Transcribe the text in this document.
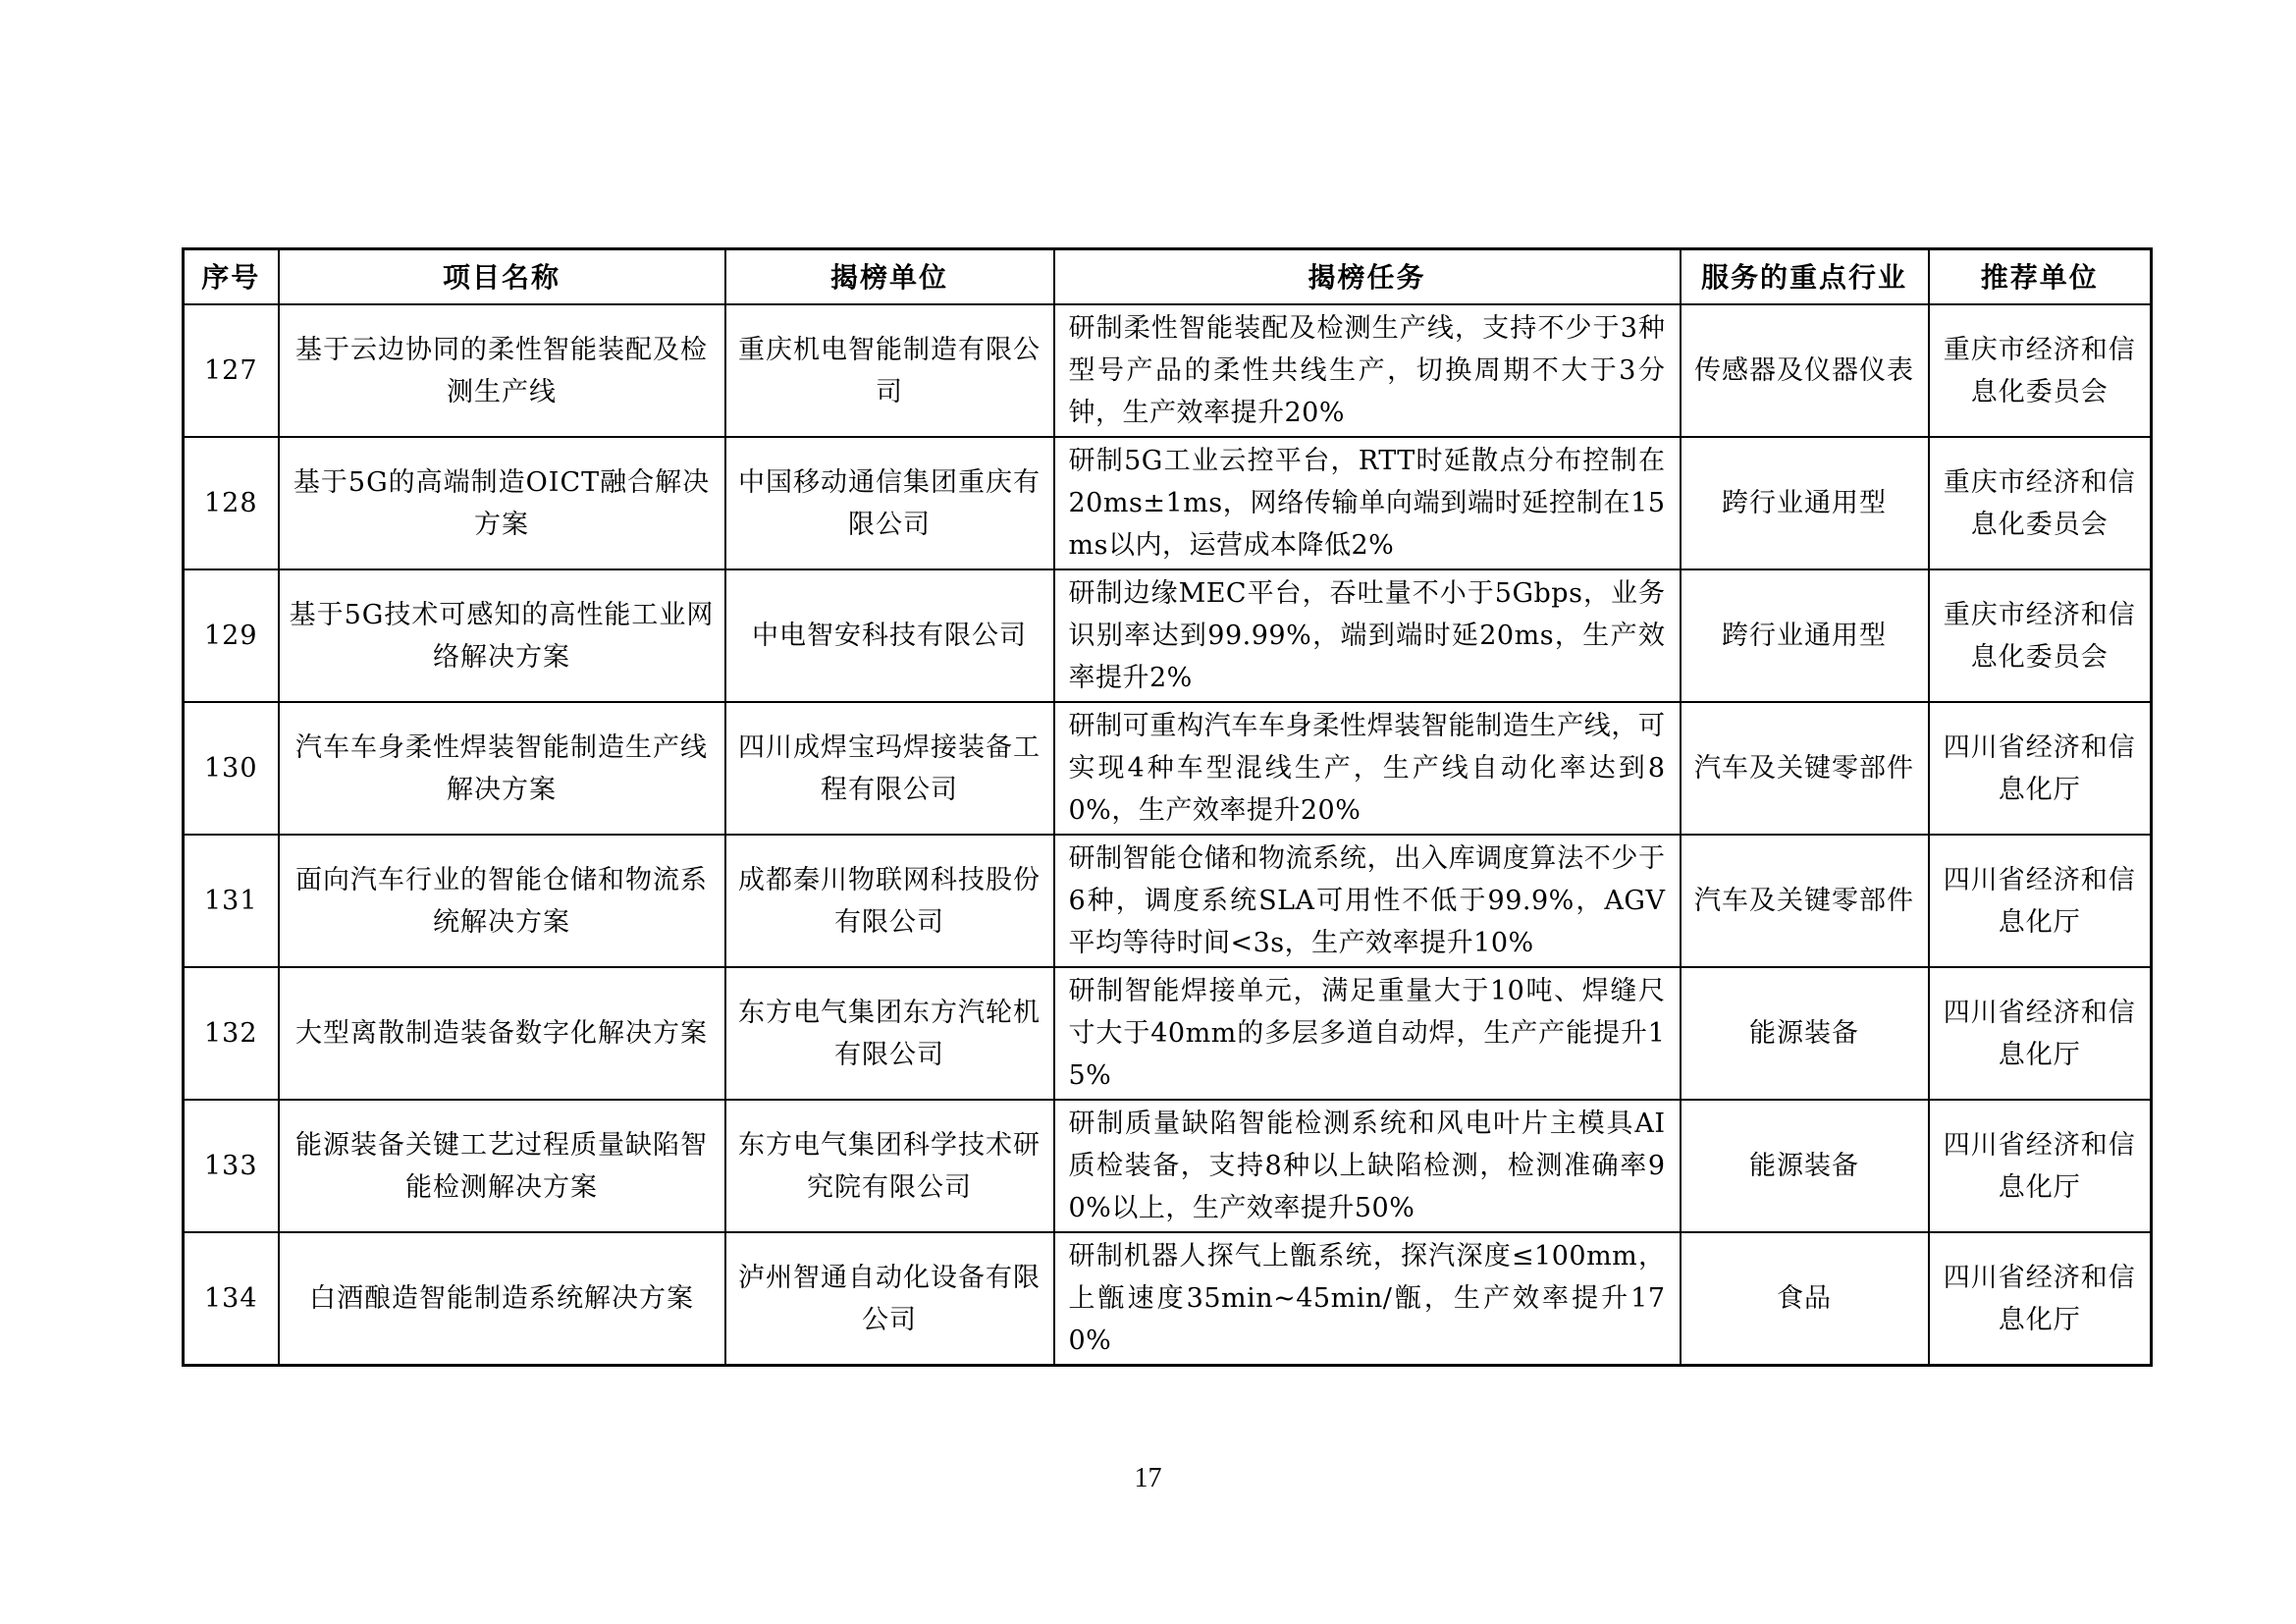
序号	项目名称	揭榜单位	揭榜任务	服务的重点行业	推荐单位
127	基于云边协同的柔性智能装配及检测生产线	重庆机电智能制造有限公司	研制柔性智能装配及检测生产线，支持不少于3种型号产品的柔性共线生产，切换周期不大于3分钟，生产效率提升20%	传感器及仪器仪表	重庆市经济和信息化委员会
128	基于5G的高端制造OICT融合解决方案	中国移动通信集团重庆有限公司	研制5G工业云控平台，RTT时延散点分布控制在20ms±1ms，网络传输单向端到端时延控制在15ms以内，运营成本降低2%	跨行业通用型	重庆市经济和信息化委员会
129	基于5G技术可感知的高性能工业网络解决方案	中电智安科技有限公司	研制边缘MEC平台，吞吐量不小于5Gbps，业务识别率达到99.99%，端到端时延20ms，生产效率提升2%	跨行业通用型	重庆市经济和信息化委员会
130	汽车车身柔性焊装智能制造生产线解决方案	四川成焊宝玛焊接装备工程有限公司	研制可重构汽车车身柔性焊装智能制造生产线，可实现4种车型混线生产，生产线自动化率达到80%，生产效率提升20%	汽车及关键零部件	四川省经济和信息化厅
131	面向汽车行业的智能仓储和物流系统解决方案	成都秦川物联网科技股份有限公司	研制智能仓储和物流系统，出入库调度算法不少于6种，调度系统SLA可用性不低于99.9%，AGV平均等待时间<3s，生产效率提升10%	汽车及关键零部件	四川省经济和信息化厅
132	大型离散制造装备数字化解决方案	东方电气集团东方汽轮机有限公司	研制智能焊接单元，满足重量大于10吨、焊缝尺寸大于40mm的多层多道自动焊，生产产能提升15%	能源装备	四川省经济和信息化厅
133	能源装备关键工艺过程质量缺陷智能检测解决方案	东方电气集团科学技术研究院有限公司	研制质量缺陷智能检测系统和风电叶片主模具AI质检装备，支持8种以上缺陷检测，检测准确率90%以上，生产效率提升50%	能源装备	四川省经济和信息化厅
134	白酒酿造智能制造系统解决方案	泸州智通自动化设备有限公司	研制机器人探气上甑系统，探汽深度≤100mm，上甑速度35min~45min/甑，生产效率提升170%	食品	四川省经济和信息化厅
17
